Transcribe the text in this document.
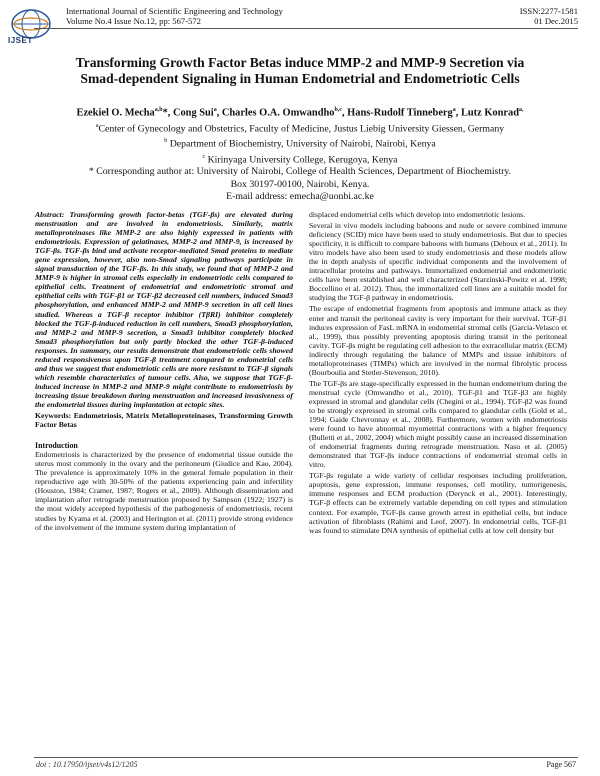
IJSET
International Journal of Scientific Engineering and Technology
Volume No.4 Issue No.12, pp: 567-572
ISSN:2277-1581
01 Dec.2015
Transforming Growth Factor Betas induce MMP-2 and MMP-9 Secretion via
Smad-dependent Signaling in Human Endometrial and Endometriotic Cells
Ezekiel O. Mecha$^{a,b}$*, Cong Sui$^a$, Charles O.A. Omwandho$^{b,c}$, Hans-Rudolf Tinneberg$^a$, Lutz Konrad$^{a,}$
$^a$Center of Gynecology and Obstetrics, Faculty of Medicine, Justus Liebig University Giessen, Germany
$^b$ Department of Biochemistry, University of Nairobi, Nairobi, Kenya
$^c$ Kirinyaga University College, Kerugoya, Kenya
* Corresponding author at: University of Nairobi, College of Health Sciences, Department of Biochemistry.
Box 30197-00100, Nairobi, Kenya.
E-mail address: emecha@uonbi.ac.ke

Abstract: Transforming growth factor-betas (TGF-βs) are elevated during menstruation and are involved in endometriosis. Similarly, matrix metalloproteinases like MMP-2 are also highly expressed in patients with endometriosis. Expression of gelatinases, MMP-2 and MMP-9, is increased by TGF-βs. TGF-βs bind and activate receptor-mediated Smad proteins to mediate gene expression, however, also non-Smad signaling pathways participate in signal transduction of the TGF-βs. In this study, we found that of MMP-2 and MMP-9 is higher in stromal cells especially in endometriotic cells compared to epithelial cells. Treatment of endometrial and endometriotic stromal and epithelial cells with TGF-β1 or TGF-β2 decreased cell numbers, induced Smad3 phosphorylation, and enhanced MMP-2 and MMP-9 secretion in all cell lines studied. Whereas a TGF-β receptor inhibitor (TβRI) inhibitor completely blocked the TGF-β-induced reduction in cell numbers, Smad3 phosphorylation, and MMP-2 and MMP-9 secretion, a Smad3 inhibitor completely blocked Smad3 phosphorylation but only partly blocked the other TGF-β-induced responses. In summary, our results demonstrate that endometriotic cells showed reduced responsiveness upon TGF-β treatment compared to endometrial cells and thus we suggest that endometriotic cells are more resistant to TGF-β signals which resemble characteristics of tumour cells. Also, we suppose that TGF-β-induced increase in MMP-2 and MMP-9 might contribute to endometriosis by increasing tissue breakdown during menstruation and increased invasiveness of the endometrial tissues during implantation at ectopic sites.

Keywords: Endometriosis, Matrix Metalloproteinases, Transforming Growth Factor Betas

Introduction

Endometriosis is characterized by the presence of endometrial tissue outside the uterus most commonly in the ovary and the peritoneum (Giudice and Kao, 2004). The prevalence is approximately 10% in the general female population in their reproductive age with 30-50% of the patients experiencing pain and infertility (Houston, 1984; Cramer, 1987; Rogers et al., 2009). Although dissemination and implantation after retrograde menstruation proposed by Sampson (1922; 1927) is the most widely accepted hypothesis of the pathogenesis of endometriosis, recent studies by Kyama et al. (2003) and Herington et al. (2011) provide strong evidence of the involvement of the immune system during implantation of

displaced endometrial cells which develop into endometriotic lesions.

Several in vivo models including baboons and nude or severe combined immune deficiency (SCID) mice have been used to study endometriosis. But due to species specificity, it is difficult to compare baboons with humans (Dehoux et al., 2011). In vitro models have also been used to study endometriosis and these models allow the in depth analysis of specific individual components and the involvement of intracellular proteins and pathways. Immortalized endometrial and endometriotic cells have been established and well characterized (Starzinski-Powitz et al. 1998; Boccellino et al. 2012). Thus, the immortalized cell lines are a suitable model for studying the TGF-β pathway in endometriosis.

The escape of endometrial fragments from apoptosis and immune attack as they enter and transit the peritoneal cavity is very important for their survival. TGF-β1 induces expression of FasL mRNA in endometrial stromal cells (Garcia-Velasco et al., 1999), thus possibly preventing apoptosis during transit in the peritoneal cavity. TGF-βs might be regulating cell adhesion to the extracellular matrix (ECM) indirectly through regulating the balance of MMPs and tissue inhibitors of metalloproteinases (TIMPs) which are involved in the normal fibrolytic process (Bourboulia and Stetler-Stevenson, 2010).

The TGF-βs are stage-specifically expressed in the human endometrium during the menstrual cycle (Omwandho et al., 2010). TGF-β1 and TGF-β3 are highly expressed in stromal and glandular cells (Chegini et al., 1994). TGF-β2 was found to be strongly expressed in stromal cells compared to glandular cells (Gold et al., 1994; Gaide Chevronnay et al., 2008). Furthermore, women with endometriosis were found to have abnormal myometrial contractions with a higher frequency (Bulletti et al., 2002, 2004) which might possibly cause an increased dissemination of endometrial fragments during retrograde menstruation. Nasu et al. (2005) demonstrated that TGF-βs induce contractions of endometrial stromal cells in vitro.

TGF-βs regulate a wide variety of cellular responses including proliferation, apoptosis, gene expression, immune responses, cell motility, tumorigenesis, immune responses and ECM production (Derynck et al., 2001). Interestingly, TGF-β effects can be extremely variable depending on cell types and stimulation context. For example, TGF-βs cause growth arrest in epithelial cells, but induce activation of fibroblasts (Rahimi and Leof, 2007). In endometrial cells, TGF-β1 was found to stimulate DNA synthesis of epithelial cells at low cell density but

doi : 10.17950/ijset/v4s12/1205	Page 567
